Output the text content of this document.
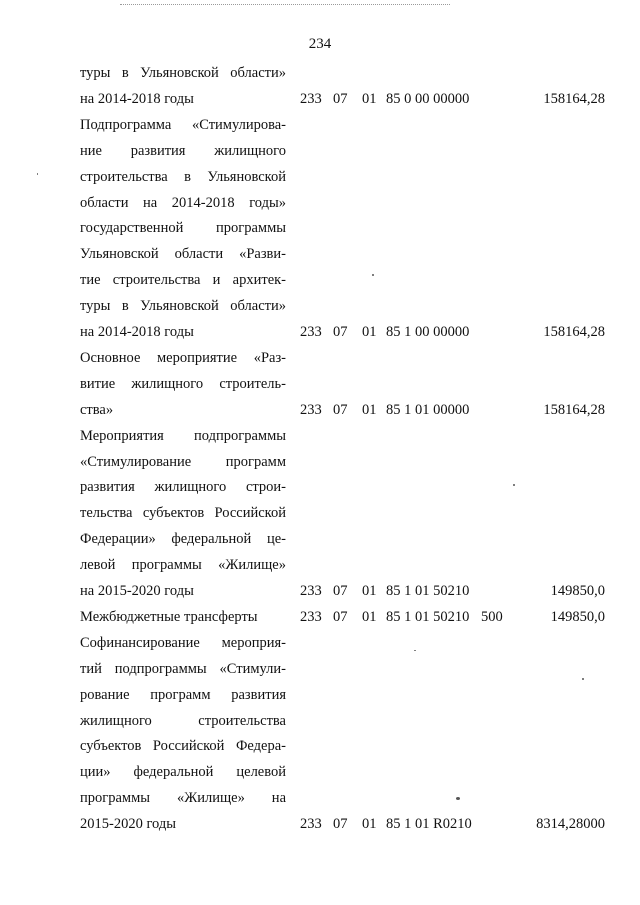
234
туры в Ульяновской области»
на 2014-2018 годы	233 07 01 85 0 00 00000	158164,28
Подпрограмма «Стимулирова-
ние развития жилищного
строительства в Ульяновской
области на 2014-2018 годы»
государственной программы
Ульяновской области «Разви-
тие строительства и архитек-
туры в Ульяновской области»
на 2014-2018 годы	233 07 01 85 1 00 00000	158164,28
Основное мероприятие «Раз-
витие жилищного строитель-
ства»	233 07 01 85 1 01 00000	158164,28
Мероприятия подпрограммы
«Стимулирование программ
развития жилищного строи-
тельства субъектов Российской
Федерации» федеральной це-
левой программы «Жилище»
на 2015-2020 годы	233 07 01 85 1 01 50210	149850,0
Межбюджетные трансферты	233 07 01 85 1 01 50210 500	149850,0
Софинансирование мероприя-
тий подпрограммы «Стимули-
рование программ развития
жилищного строительства
субъектов Российской Федера-
ции» федеральной целевой
программы «Жилище» на
2015-2020 годы	233 07 01 85 1 01 R0210	8314,28000
